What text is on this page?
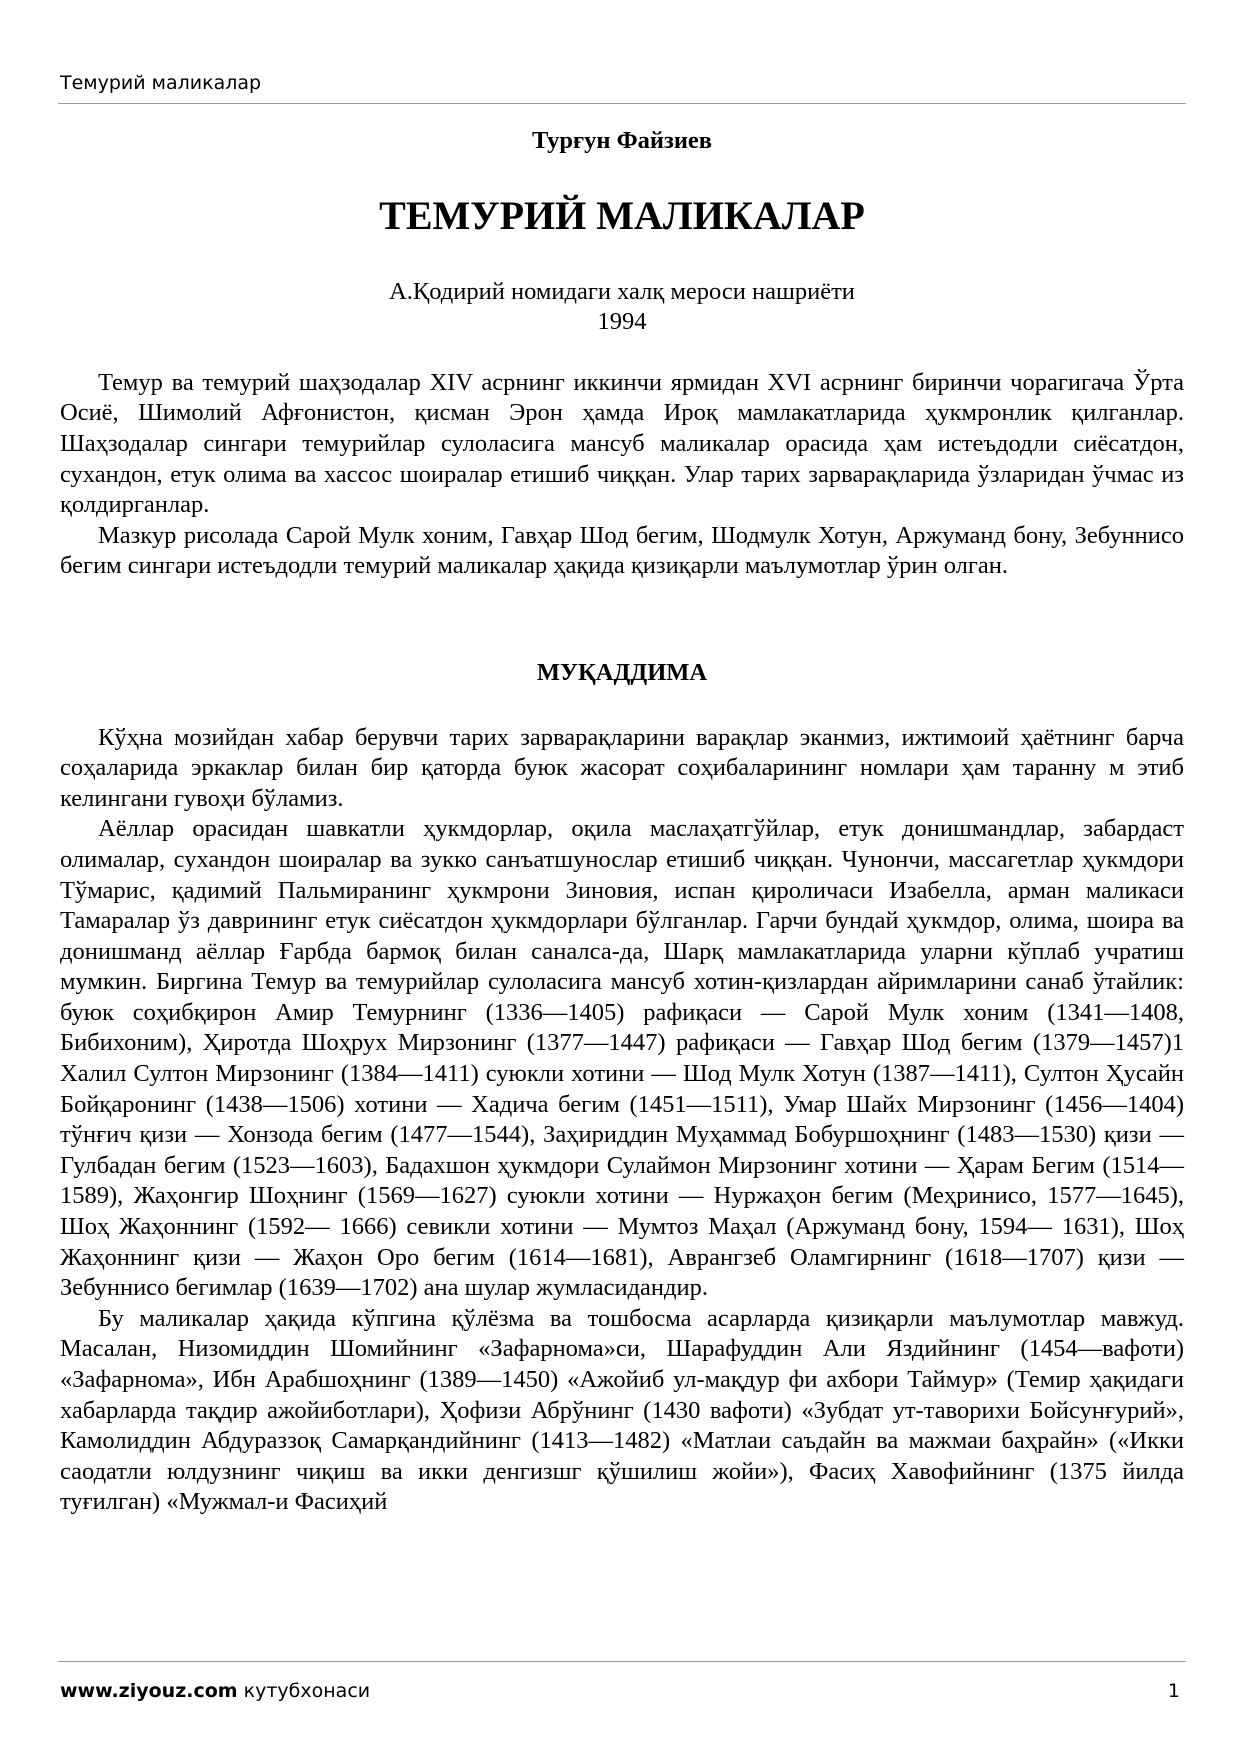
Темурий маликалар

Турғун Файзиев

ТЕМУРИЙ МАЛИКАЛАР

А.Қодирий номидаги халқ мероси нашриёти

1994

Темур ва темурий шаҳзодалар XIV асрнинг иккинчи ярмидан XVI асрнинг биринчи чорагигача Ўрта Осиё, Шимолий Афғонистон, қисман Эрон ҳамда Ироқ мамлакатларида ҳукмронлик қилганлар. Шаҳзодалар сингари темурийлар сулоласига мансуб маликалар орасида ҳам истеъдодли сиёсатдон, сухандон, етук олима ва хассос шоиралар етишиб чиққан. Улар тарих зарварақларида ўзларидан ўчмас из қолдирганлар.

Мазкур рисолада Сарой Мулк хоним, Гавҳар Шод бегим, Шодмулк Хотун, Аржуманд бону, Зебуннисо бегим сингари истеъдодли темурий маликалар ҳақида қизиқарли маълумотлар ўрин олган.

МУҚАДДИМА

Кўҳна мозийдан хабар берувчи тарих зарварақларини варақлар эканмиз, ижтимоий ҳаётнинг барча соҳаларида эркаклар билан бир қаторда буюк жасорат соҳибаларининг номлари ҳам таранну м этиб келингани гувоҳи бўламиз.

Аёллар орасидан шавкатли ҳукмдорлар, оқила маслаҳатгўйлар, етук донишмандлар, забардаст олималар, сухандон шоиралар ва зукко санъатшунослар етишиб чиққан. Чунончи, массагетлар ҳукмдори Тўмарис, қадимий Пальмиранинг ҳукмрони Зиновия, испан қироличаси Изабелла, арман маликаси Тамаралар ўз даврининг етук сиёсатдон ҳукмдорлари бўлганлар. Гарчи бундай ҳукмдор, олима, шоира ва донишманд аёллар Ғарбда бармоқ билан саналса-да, Шарқ мамлакатларида уларни кўплаб учратиш мумкин. Биргина Темур ва темурийлар сулоласига мансуб хотин-қизлардан айримларини санаб ўтайлик: буюк соҳибқирон Амир Темурнинг (1336—1405) рафиқаси — Сарой Мулк хоним (1341—1408, Бибихоним), Ҳиротда Шоҳрух Мирзонинг (1377—1447) рафиқаси — Гавҳар Шод бегим (1379—1457)1 Халил Султон Мирзонинг (1384—1411) суюкли хотини — Шод Мулк Хотун (1387—1411), Султон Ҳусайн Бойқаронинг (1438—1506) хотини — Хадича бегим (1451—1511), Умар Шайх Мирзонинг (1456—1404) тўнғич қизи — Хонзода бегим (1477—1544), Заҳириддин Муҳаммад Бобуршоҳнинг (1483—1530) қизи — Гулбадан бегим (1523—1603), Бадахшон ҳукмдори Сулаймон Мирзонинг хотини — Ҳарам Бегим (1514—1589), Жаҳонгир Шоҳнинг (1569—1627) суюкли хотини — Нуржаҳон бегим (Меҳринисо, 1577—1645), Шоҳ Жаҳоннинг (1592— 1666) севикли хотини — Мумтоз Маҳал (Аржуманд бону, 1594— 1631), Шоҳ Жаҳоннинг қизи — Жаҳон Оро бегим (1614—1681), Аврангзеб Оламгирнинг (1618—1707) қизи — Зебуннисо бегимлар (1639—1702) ана шулар жумласидандир.

Бу маликалар ҳақида кўпгина қўлёзма ва тошбосма асарларда қизиқарли маълумотлар мавжуд. Масалан, Низомиддин Шомийнинг «Зафарнома»си, Шарафуддин Али Яздийнинг (1454—вафоти) «Зафарнома», Ибн Арабшоҳнинг (1389—1450) «Ажойиб ул-мақдур фи ахбори Таймур» (Темир ҳақидаги хабарларда тақдир ажойиботлари), Ҳофизи Абрўнинг (1430 вафоти) «Зубдат ут-таворихи Бойсунғурий», Камолиддин Абдураззоқ Самарқандийнинг (1413—1482) «Матлаи саъдайн ва мажмаи баҳрайн» («Икки саодатли юлдузнинг чиқиш ва икки денгизшг қўшилиш жойи»), Фасиҳ Хавофийнинг (1375 йилда туғилган) «Мужмал-и Фасиҳий

www.ziyouz.com кутубхонаси	1
